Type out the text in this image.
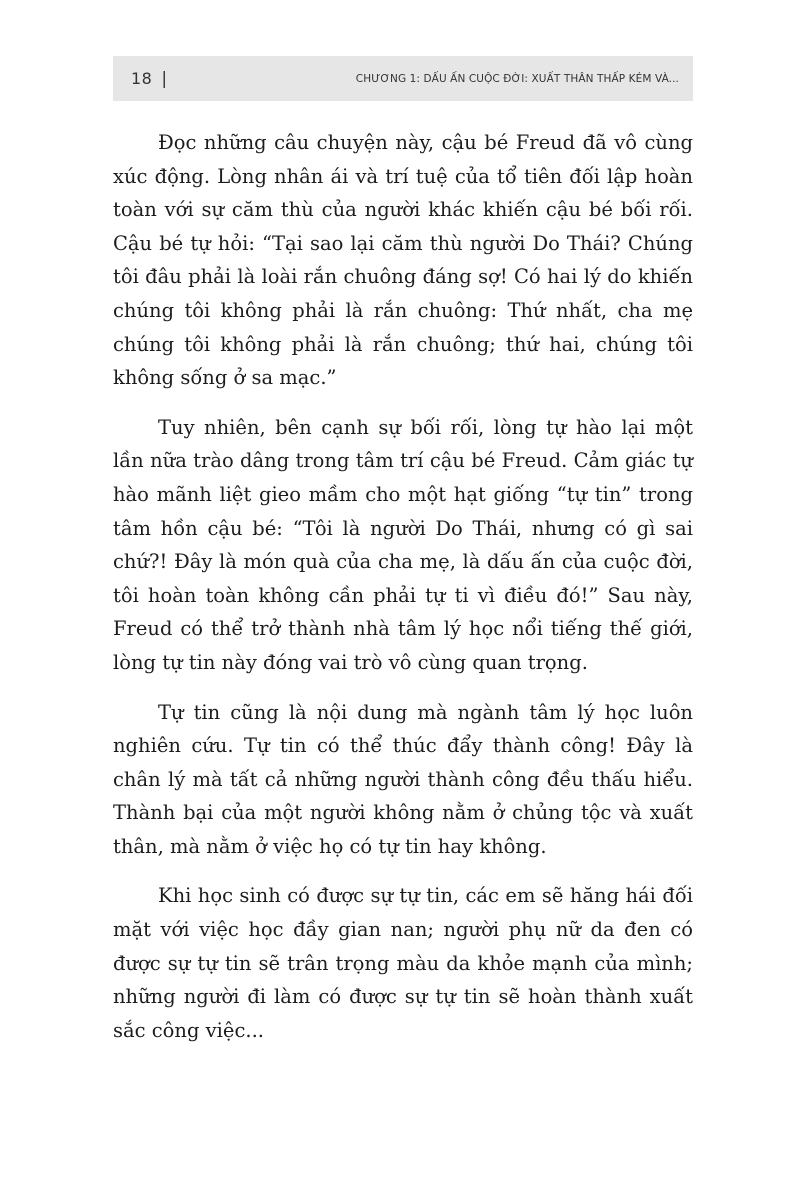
18 |	CHƯƠNG 1: DẤU ẤN CUỘC ĐỜI: XUẤT THÂN THẤP KÉM VÀ...

Đọc những câu chuyện này, cậu bé Freud đã vô cùng xúc động. Lòng nhân ái và trí tuệ của tổ tiên đối lập hoàn toàn với sự căm thù của người khác khiến cậu bé bối rối. Cậu bé tự hỏi: “Tại sao lại căm thù người Do Thái? Chúng tôi đâu phải là loài rắn chuông đáng sợ! Có hai lý do khiến chúng tôi không phải là rắn chuông: Thứ nhất, cha mẹ chúng tôi không phải là rắn chuông; thứ hai, chúng tôi không sống ở sa mạc.”

Tuy nhiên, bên cạnh sự bối rối, lòng tự hào lại một lần nữa trào dâng trong tâm trí cậu bé Freud. Cảm giác tự hào mãnh liệt gieo mầm cho một hạt giống “tự tin” trong tâm hồn cậu bé: “Tôi là người Do Thái, nhưng có gì sai chứ?! Đây là món quà của cha mẹ, là dấu ấn của cuộc đời, tôi hoàn toàn không cần phải tự ti vì điều đó!” Sau này, Freud có thể trở thành nhà tâm lý học nổi tiếng thế giới, lòng tự tin này đóng vai trò vô cùng quan trọng.

Tự tin cũng là nội dung mà ngành tâm lý học luôn nghiên cứu. Tự tin có thể thúc đẩy thành công! Đây là chân lý mà tất cả những người thành công đều thấu hiểu. Thành bại của một người không nằm ở chủng tộc và xuất thân, mà nằm ở việc họ có tự tin hay không.

Khi học sinh có được sự tự tin, các em sẽ hăng hái đối mặt với việc học đầy gian nan; người phụ nữ da đen có được sự tự tin sẽ trân trọng màu da khỏe mạnh của mình; những người đi làm có được sự tự tin sẽ hoàn thành xuất sắc công việc...
